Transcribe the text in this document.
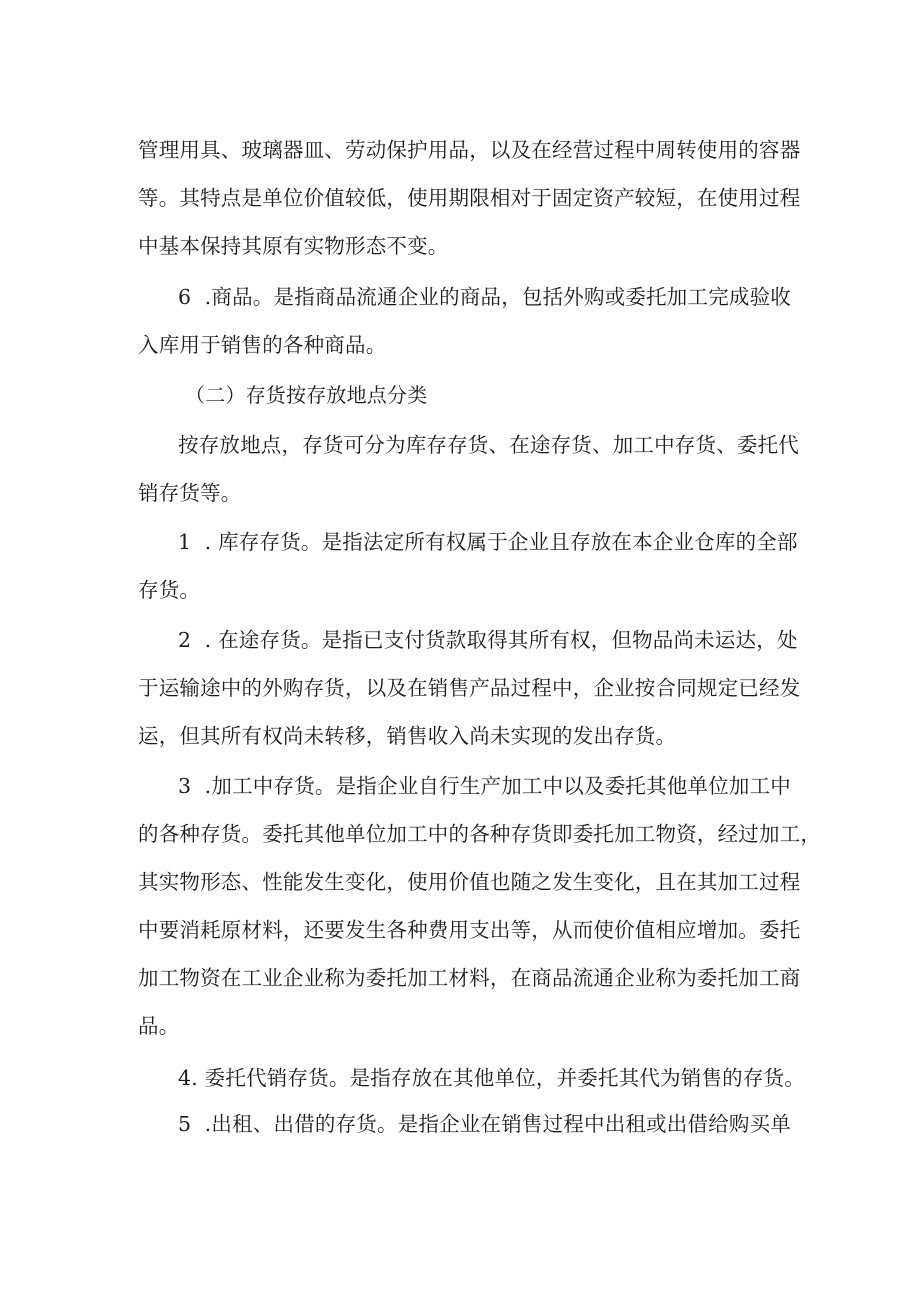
管理用具、玻璃器皿、劳动保护用品，以及在经营过程中周转使用的容器
等。其特点是单位价值较低，使用期限相对于固定资产较短，在使用过程
中基本保持其原有实物形态不变。
6  .商品。是指商品流通企业的商品，包括外购或委托加工完成验收
入库用于销售的各种商品。
（二）存货按存放地点分类
按存放地点，存货可分为库存存货、在途存货、加工中存货、委托代
销存货等。
1  . 库存存货。是指法定所有权属于企业且存放在本企业仓库的全部
存货。
2  . 在途存货。是指已支付货款取得其所有权，但物品尚未运达，处
于运输途中的外购存货，以及在销售产品过程中，企业按合同规定已经发
运，但其所有权尚未转移，销售收入尚未实现的发出存货。
3  .加工中存货。是指企业自行生产加工中以及委托其他单位加工中
的各种存货。委托其他单位加工中的各种存货即委托加工物资，经过加工，
其实物形态、性能发生变化，使用价值也随之发生变化，且在其加工过程
中要消耗原材料，还要发生各种费用支出等，从而使价值相应增加。委托
加工物资在工业企业称为委托加工材料，在商品流通企业称为委托加工商
品。
4. 委托代销存货。是指存放在其他单位，并委托其代为销售的存货。
5  .出租、出借的存货。是指企业在销售过程中出租或出借给购买单
